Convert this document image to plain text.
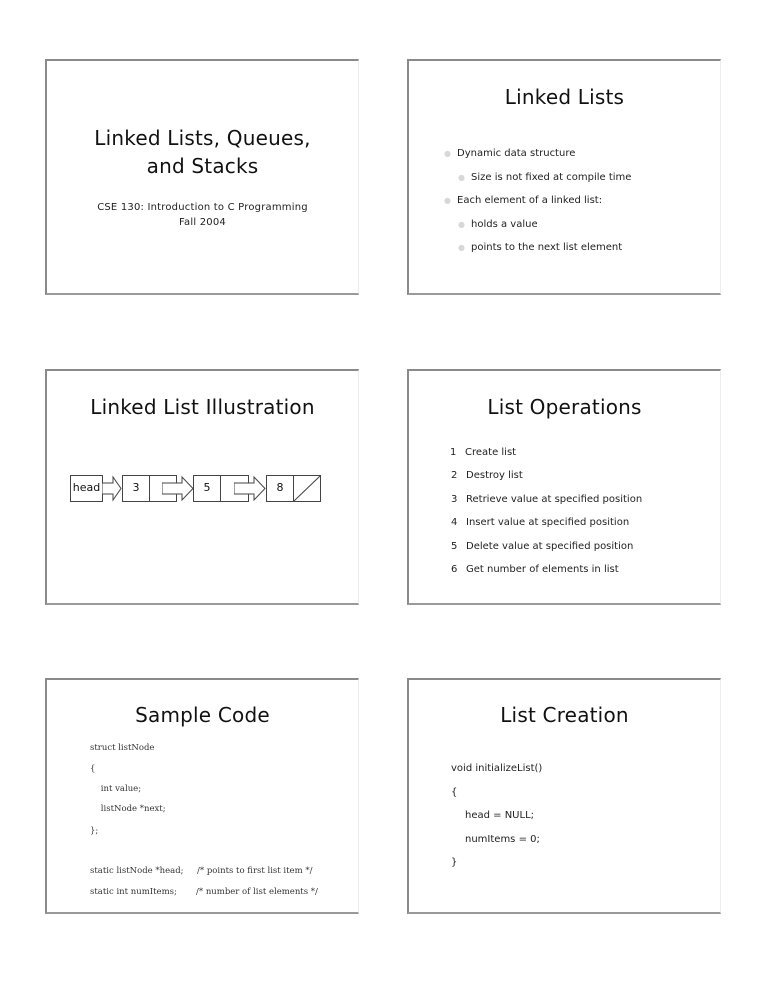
Linked Lists, Queues,
and Stacks
CSE 130: Introduction to C Programming
Fall 2004
Linked Lists
● Dynamic data structure
● Size is not fixed at compile time
● Each element of a linked list:
● holds a value
● points to the next list element
Linked List Illustration
head	3	5	8
List Operations
1 Create list
2 Destroy list
3 Retrieve value at specified position
4 Insert value at specified position
5 Delete value at specified position
6 Get number of elements in list
Sample Code
struct listNode
{
int value;
listNode *next;
};
static listNode *head; /* points to first list item */
static int numItems; /* number of list elements */
List Creation
void initializeList()
{
head = NULL;
numItems = 0;
}
